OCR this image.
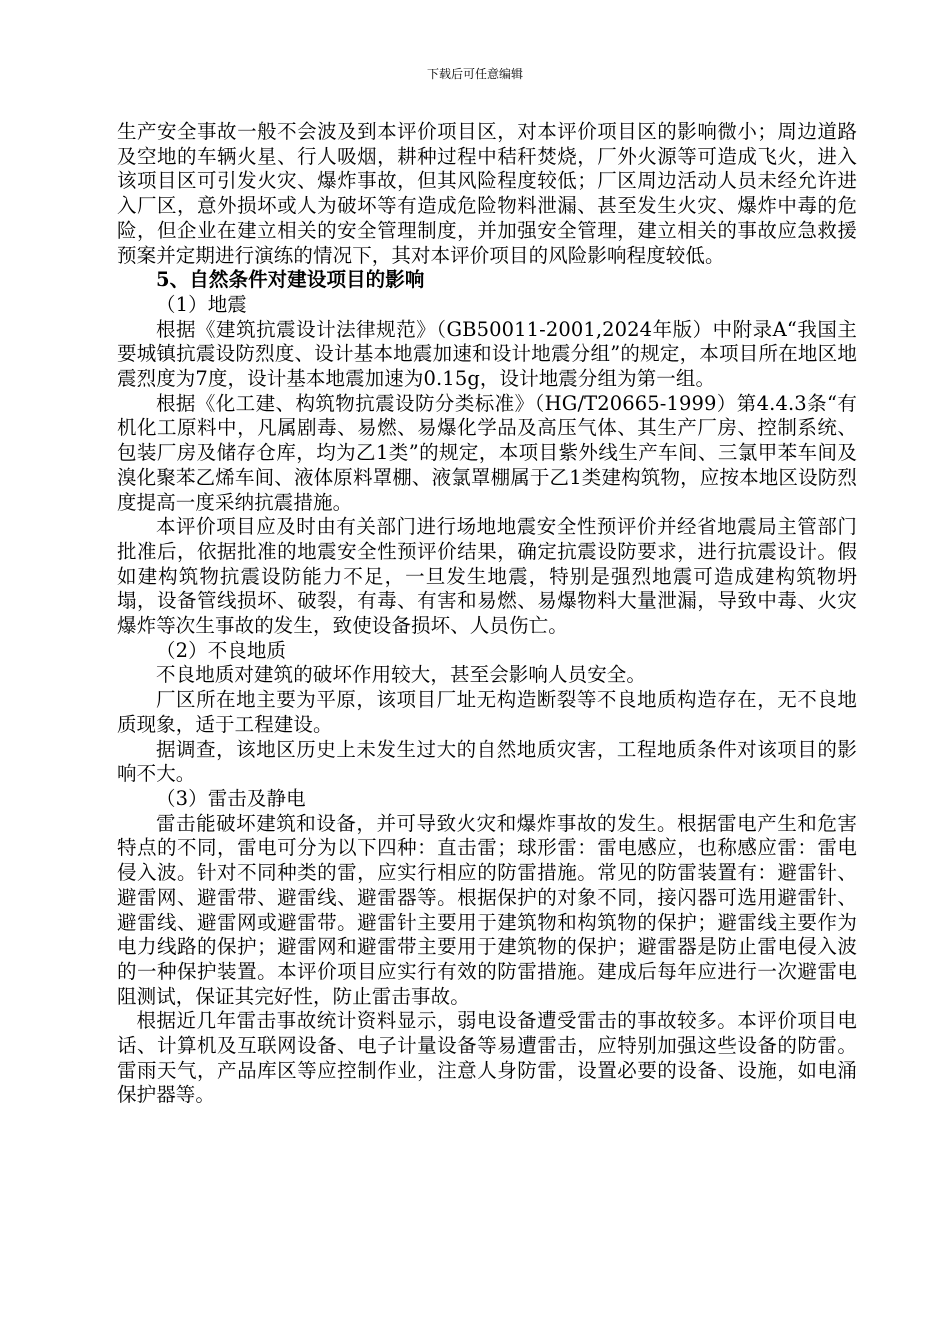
下载后可任意编辑

生产安全事故一般不会波及到本评价项目区，对本评价项目区的影响微小；周边道路及空地的车辆火星、行人吸烟，耕种过程中秸秆焚烧，厂外火源等可造成飞火，进入该项目区可引发火灾、爆炸事故，但其风险程度较低；厂区周边活动人员未经允许进入厂区，意外损坏或人为破坏等有造成危险物料泄漏、甚至发生火灾、爆炸中毒的危险，但企业在建立相关的安全管理制度，并加强安全管理，建立相关的事故应急救援预案并定期进行演练的情况下，其对本评价项目的风险影响程度较低。

5、自然条件对建设项目的影响

（1）地震

根据《建筑抗震设计法律规范》（GB50011-2001,2024年版）中附录A“我国主要城镇抗震设防烈度、设计基本地震加速和设计地震分组”的规定，本项目所在地区地震烈度为7度，设计基本地震加速为0.15g，设计地震分组为第一组。

根据《化工建、构筑物抗震设防分类标准》（HG/T20665-1999）第4.4.3条“有机化工原料中，凡属剧毒、易燃、易爆化学品及高压气体、其生产厂房、控制系统、包装厂房及储存仓库，均为乙1类”的规定，本项目紫外线生产车间、三氯甲苯车间及溴化聚苯乙烯车间、液体原料罩棚、液氯罩棚属于乙1类建构筑物，应按本地区设防烈度提高一度采纳抗震措施。

本评价项目应及时由有关部门进行场地地震安全性预评价并经省地震局主管部门批准后，依据批准的地震安全性预评价结果，确定抗震设防要求，进行抗震设计。假如建构筑物抗震设防能力不足，一旦发生地震，特别是强烈地震可造成建构筑物坍塌，设备管线损坏、破裂，有毒、有害和易燃、易爆物料大量泄漏，导致中毒、火灾爆炸等次生事故的发生，致使设备损坏、人员伤亡。

（2）不良地质

不良地质对建筑的破坏作用较大，甚至会影响人员安全。

厂区所在地主要为平原，该项目厂址无构造断裂等不良地质构造存在，无不良地质现象，适于工程建设。

据调查，该地区历史上未发生过大的自然地质灾害，工程地质条件对该项目的影响不大。

（3）雷击及静电

雷击能破坏建筑和设备，并可导致火灾和爆炸事故的发生。根据雷电产生和危害特点的不同，雷电可分为以下四种：直击雷；球形雷：雷电感应，也称感应雷：雷电侵入波。针对不同种类的雷，应实行相应的防雷措施。常见的防雷装置有：避雷针、避雷网、避雷带、避雷线、避雷器等。根据保护的对象不同，接闪器可选用避雷针、避雷线、避雷网或避雷带。避雷针主要用于建筑物和构筑物的保护；避雷线主要作为电力线路的保护；避雷网和避雷带主要用于建筑物的保护；避雷器是防止雷电侵入波的一种保护装置。本评价项目应实行有效的防雷措施。建成后每年应进行一次避雷电阻测试，保证其完好性，防止雷击事故。

根据近几年雷击事故统计资料显示，弱电设备遭受雷击的事故较多。本评价项目电话、计算机及互联网设备、电子计量设备等易遭雷击，应特别加强这些设备的防雷。雷雨天气，产品库区等应控制作业，注意人身防雷，设置必要的设备、设施，如电涌保护器等。
